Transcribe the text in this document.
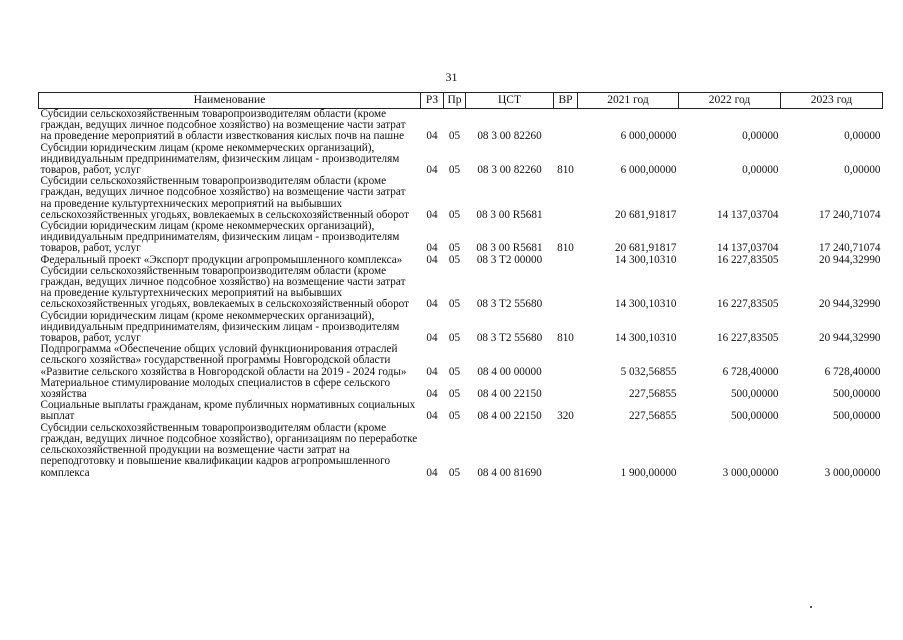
31
Наименование	РЗ	Пр	ЦСТ	ВР	2021 год	2022 год	2023 год
Субсидии сельскохозяйственным товаропроизводителям области (кроме граждан, ведущих личное подсобное хозяйство) на возмещение части затрат на проведение мероприятий в области известкования кислых почв на пашне	04	05	08 3 00 82260		6 000,00000	0,00000	0,00000
Субсидии юридическим лицам (кроме некоммерческих организаций), индивидуальным предпринимателям, физическим лицам - производителям товаров, работ, услуг	04	05	08 3 00 82260	810	6 000,00000	0,00000	0,00000
Субсидии сельскохозяйственным товаропроизводителям области (кроме граждан, ведущих личное подсобное хозяйство) на возмещение части затрат на проведение культуртехнических мероприятий на выбывших сельскохозяйственных угодьях, вовлекаемых в сельскохозяйственный оборот	04	05	08 3 00 R5681		20 681,91817	14 137,03704	17 240,71074
Субсидии юридическим лицам (кроме некоммерческих организаций), индивидуальным предпринимателям, физическим лицам - производителям товаров, работ, услуг	04	05	08 3 00 R5681	810	20 681,91817	14 137,03704	17 240,71074
Федеральный проект «Экспорт продукции агропромышленного комплекса»	04	05	08 3 T2 00000		14 300,10310	16 227,83505	20 944,32990
Субсидии сельскохозяйственным товаропроизводителям области (кроме граждан, ведущих личное подсобное хозяйство) на возмещение части затрат на проведение культуртехнических мероприятий на выбывших сельскохозяйственных угодьях, вовлекаемых в сельскохозяйственный оборот	04	05	08 3 T2 55680		14 300,10310	16 227,83505	20 944,32990
Субсидии юридическим лицам (кроме некоммерческих организаций), индивидуальным предпринимателям, физическим лицам - производителям товаров, работ, услуг	04	05	08 3 T2 55680	810	14 300,10310	16 227,83505	20 944,32990
Подпрограмма «Обеспечение общих условий функционирования отраслей сельского хозяйства» государственной программы Новгородской области «Развитие сельского хозяйства в Новгородской области на 2019 - 2024 годы»	04	05	08 4 00 00000		5 032,56855	6 728,40000	6 728,40000
Материальное стимулирование молодых специалистов в сфере сельского хозяйства	04	05	08 4 00 22150		227,56855	500,00000	500,00000
Социальные выплаты гражданам, кроме публичных нормативных социальных выплат	04	05	08 4 00 22150	320	227,56855	500,00000	500,00000
Субсидии сельскохозяйственным товаропроизводителям области (кроме граждан, ведущих личное подсобное хозяйство), организациям по переработке сельскохозяйственной продукции на возмещение части затрат на переподготовку и повышение квалификации кадров агропромышленного комплекса	04	05	08 4 00 81690		1 900,00000	3 000,00000	3 000,00000
